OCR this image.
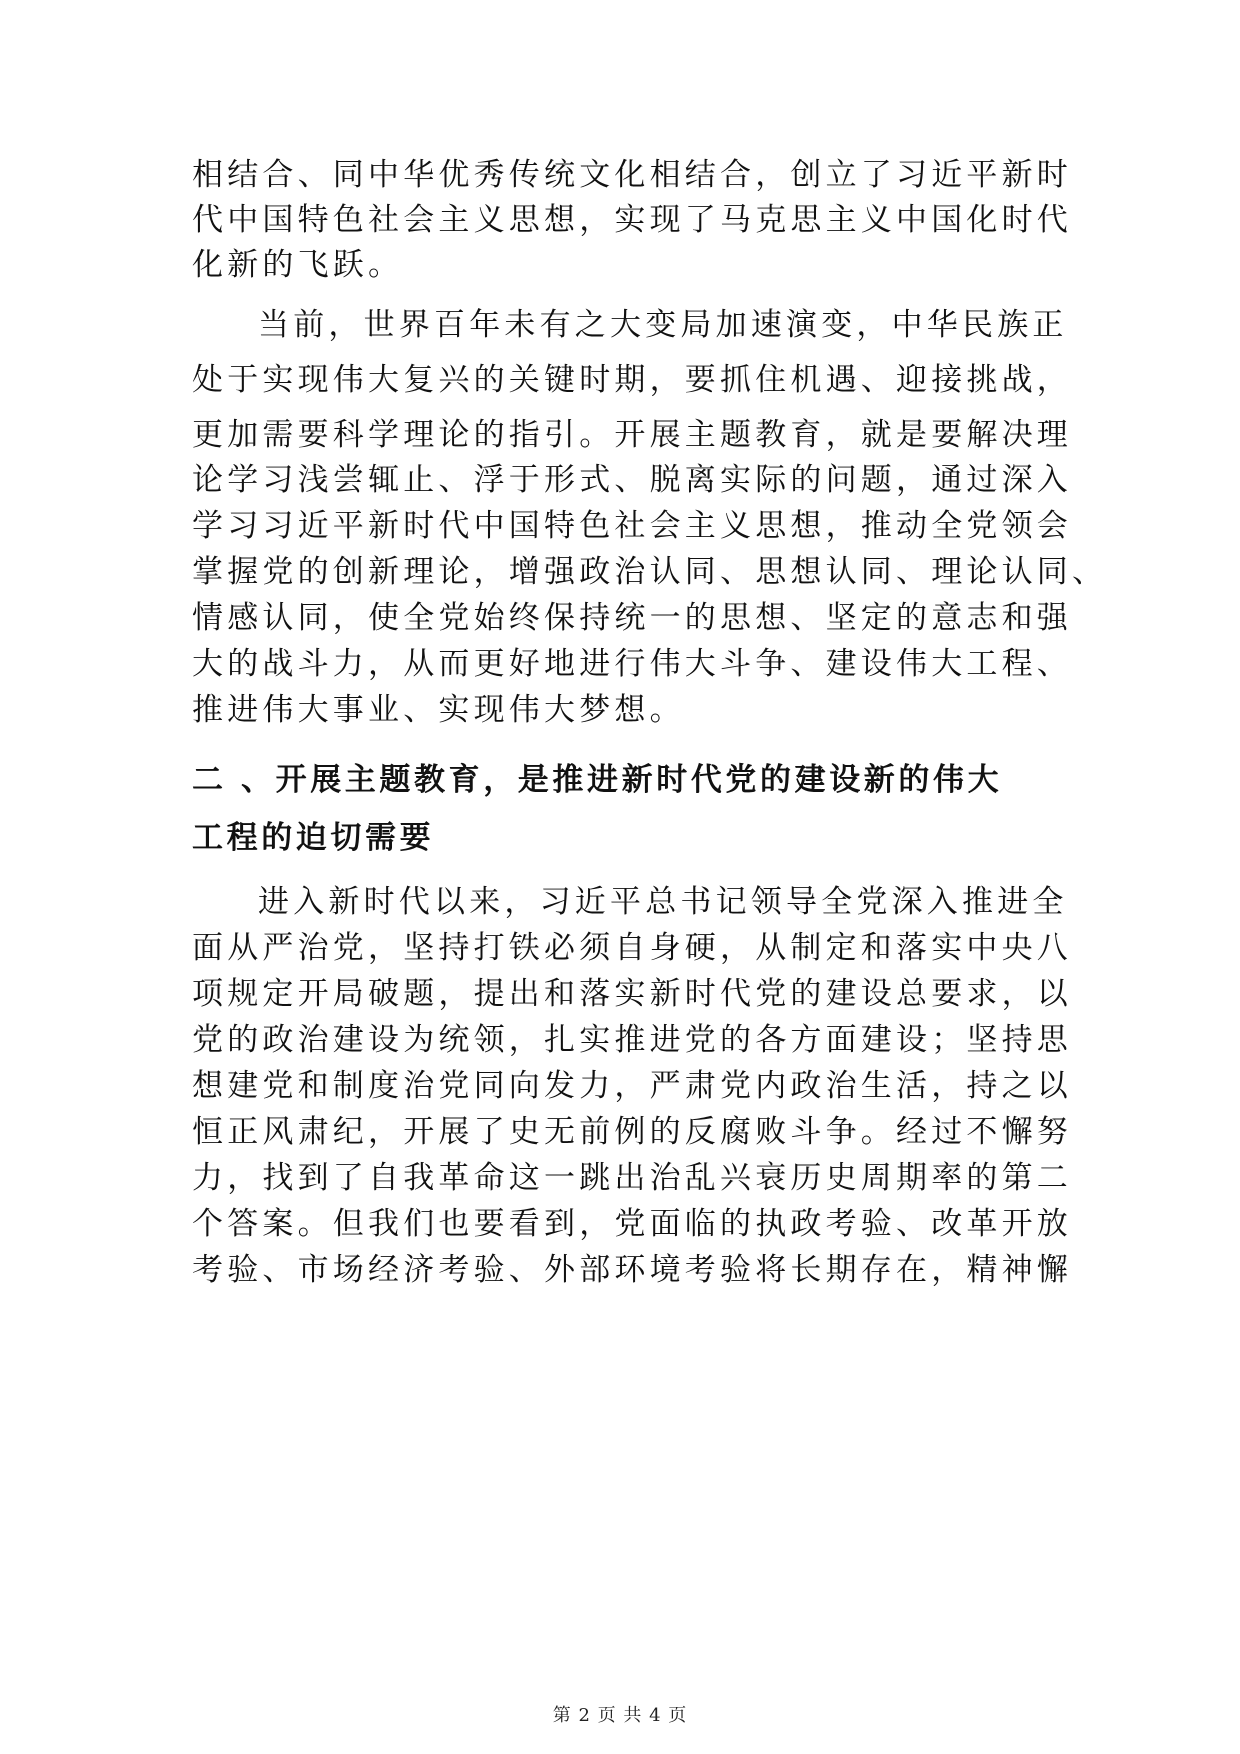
相结合、同中华优秀传统文化相结合，创立了习近平新时
代中国特色社会主义思想，实现了马克思主义中国化时代
化新的飞跃。
当前，世界百年未有之大变局加速演变，中华民族正
处于实现伟大复兴的关键时期，要抓住机遇、迎接挑战，
更加需要科学理论的指引。开展主题教育，就是要解决理
论学习浅尝辄止、浮于形式、脱离实际的问题，通过深入
学习习近平新时代中国特色社会主义思想，推动全党领会
掌握党的创新理论，增强政治认同、思想认同、理论认同、
情感认同，使全党始终保持统一的思想、坚定的意志和强
大的战斗力，从而更好地进行伟大斗争、建设伟大工程、
推进伟大事业、实现伟大梦想。
二 、开展主题教育，是推进新时代党的建设新的伟大
工程的迫切需要
进入新时代以来，习近平总书记领导全党深入推进全
面从严治党，坚持打铁必须自身硬，从制定和落实中央八
项规定开局破题，提出和落实新时代党的建设总要求，以
党的政治建设为统领，扎实推进党的各方面建设；坚持思
想建党和制度治党同向发力，严肃党内政治生活，持之以
恒正风肃纪，开展了史无前例的反腐败斗争。经过不懈努
力，找到了自我革命这一跳出治乱兴衰历史周期率的第二
个答案。但我们也要看到，党面临的执政考验、改革开放
考验、市场经济考验、外部环境考验将长期存在，精神懈
第 2 页 共 4 页
